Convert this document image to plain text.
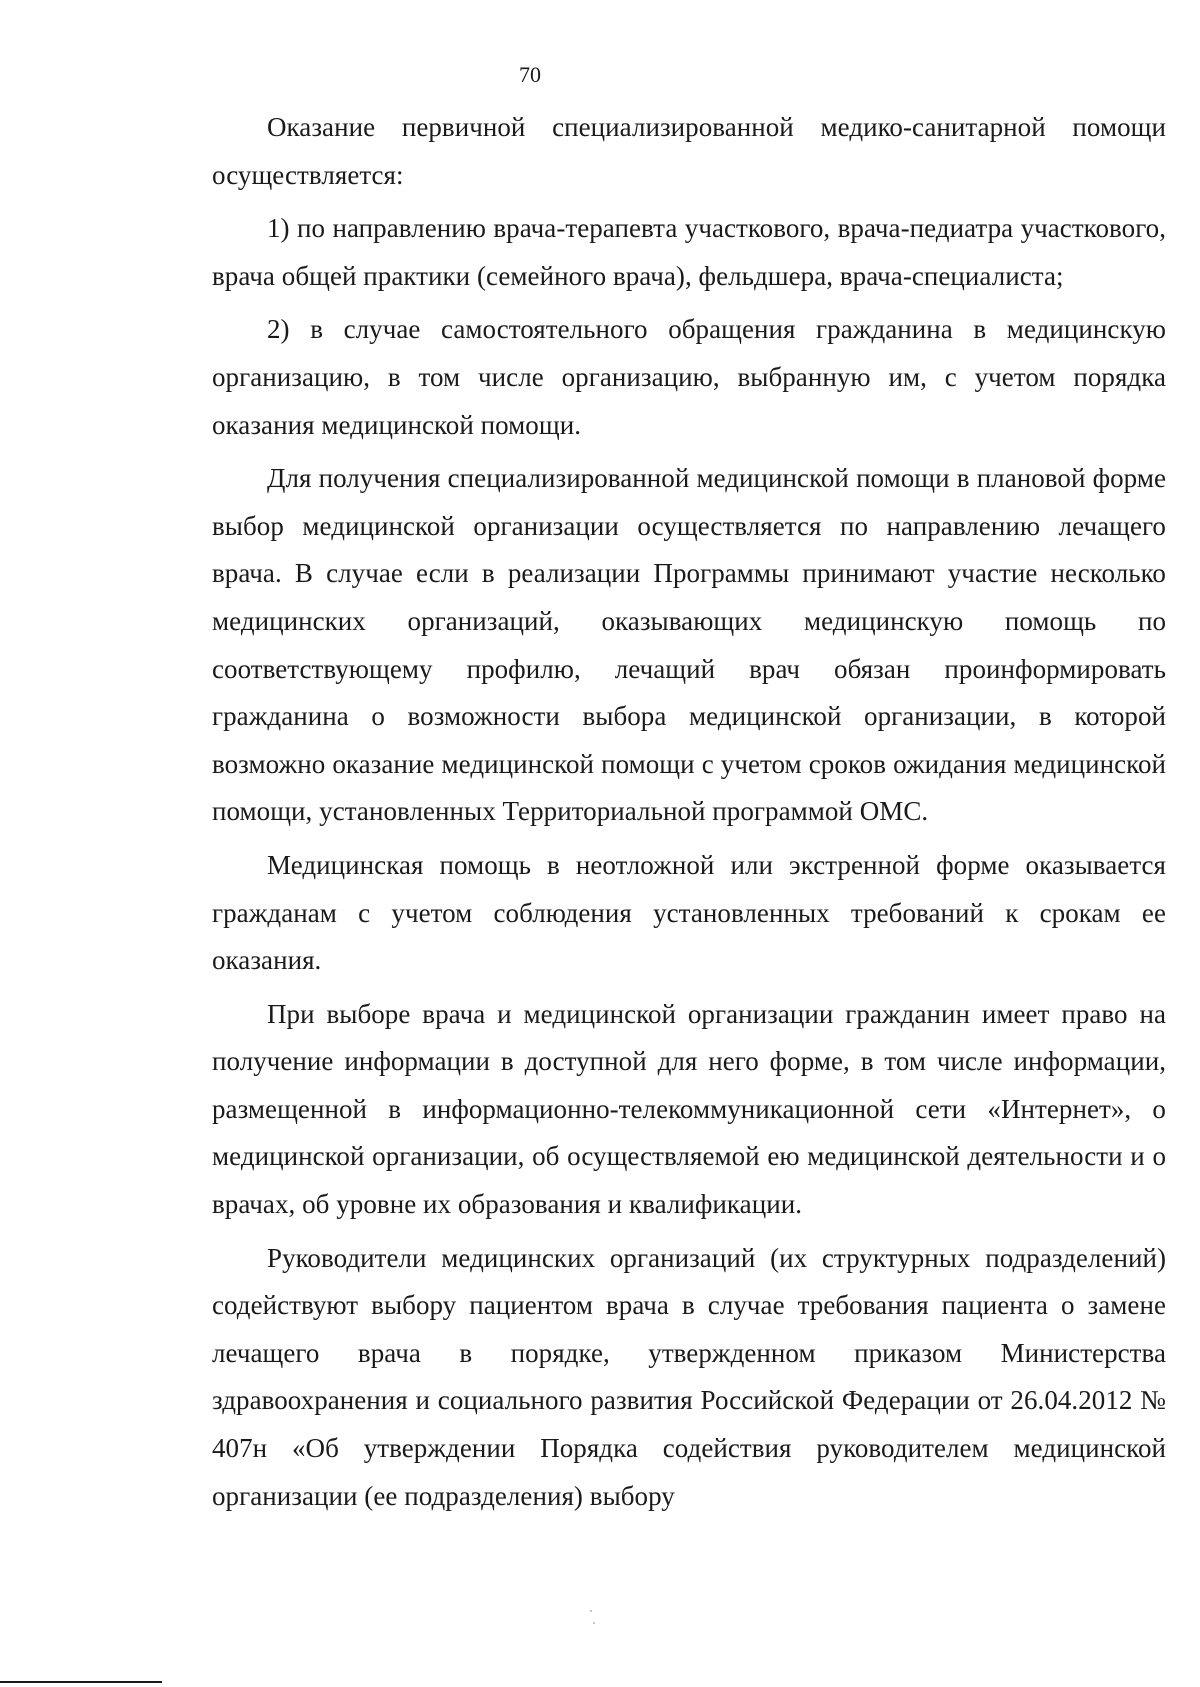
70

Оказание первичной специализированной медико-санитарной помощи осуществляется:

1) по направлению врача-терапевта участкового, врача-педиатра участкового, врача общей практики (семейного врача), фельдшера, врача-специалиста;

2) в случае самостоятельного обращения гражданина в медицинскую организацию, в том числе организацию, выбранную им, с учетом порядка оказания медицинской помощи.

Для получения специализированной медицинской помощи в плановой форме выбор медицинской организации осуществляется по направлению лечащего врача. В случае если в реализации Программы принимают участие несколько медицинских организаций, оказывающих медицинскую помощь по соответствующему профилю, лечащий врач обязан проинформировать гражданина о возможности выбора медицинской организации, в которой возможно оказание медицинской помощи с учетом сроков ожидания медицинской помощи, установленных Территориальной программой ОМС.

Медицинская помощь в неотложной или экстренной форме оказывается гражданам с учетом соблюдения установленных требований к срокам ее оказания.

При выборе врача и медицинской организации гражданин имеет право на получение информации в доступной для него форме, в том числе информации, размещенной в информационно-телекоммуникационной сети «Интернет», о медицинской организации, об осуществляемой ею медицинской деятельности и о врачах, об уровне их образования и квалификации.

Руководители медицинских организаций (их структурных подразделений) содействуют выбору пациентом врача в случае требования пациента о замене лечащего врача в порядке, утвержденном приказом Министерства здравоохранения и социального развития Российской Федерации от 26.04.2012 № 407н «Об утверждении Порядка содействия руководителем медицинской организации (ее подразделения) выбору
